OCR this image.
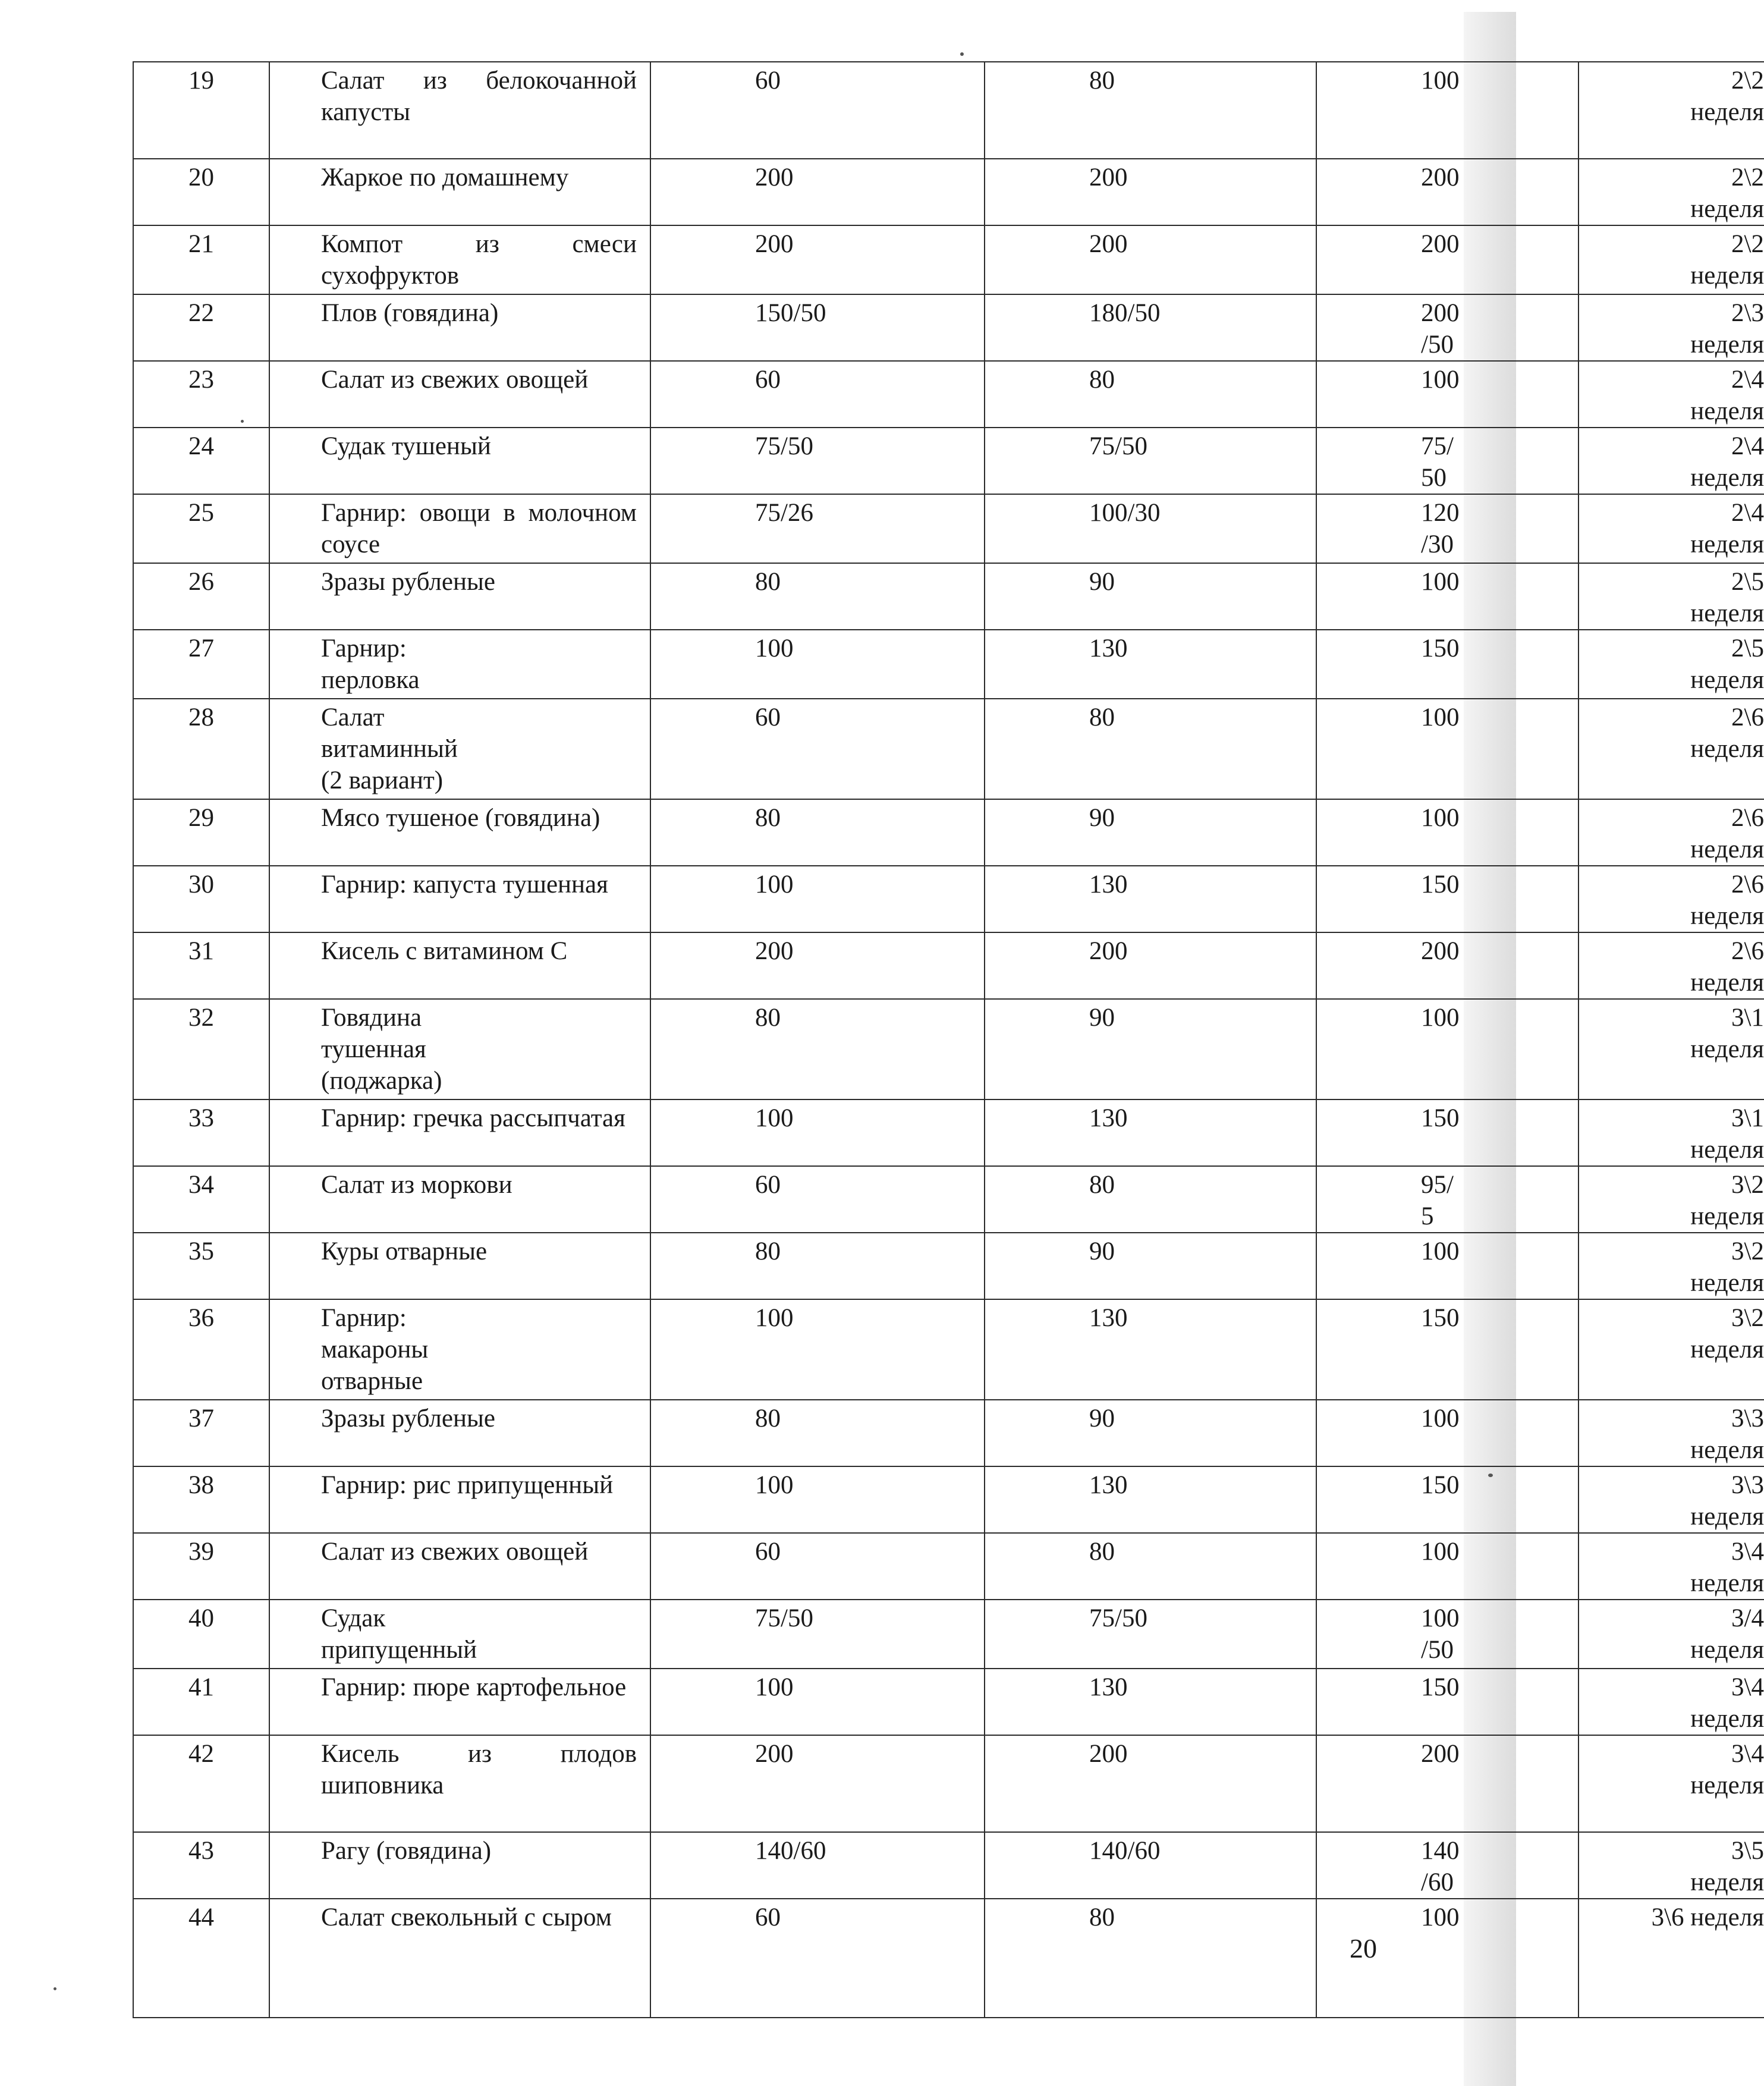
19	Салат из белокочанной капусты	60	80	100	2\2
неделя
20	Жаркое по домашнему	200	200	200	2\2
неделя
21	Компот из смеси сухофруктов	200	200	200	2\2
неделя
22	Плов (говядина)	150/50	180/50	200
/50	2\3
неделя
23	Салат из свежих овощей	60	80	100	2\4
неделя
24	Судак тушеный	75/50	75/50	75/
50	2\4
неделя
25	Гарнир: овощи в молочном соусе	75/26	100/30	120
/30	2\4
неделя
26	Зразы рубленые	80	90	100	2\5
неделя
27	Гарнир:
перловка	100	130	150	2\5
неделя
28	Салат
витаминный
(2 вариант)	60	80	100	2\6
неделя
29	Мясо тушеное (говядина)	80	90	100	2\6
неделя
30	Гарнир: капуста тушенная	100	130	150	2\6
неделя
31	Кисель с витамином С	200	200	200	2\6
неделя
32	Говядина
тушенная
(поджарка)	80	90	100	3\1
неделя
33	Гарнир: гречка рассыпчатая	100	130	150	3\1
неделя
34	Салат из моркови	60	80	95/
5	3\2
неделя
35	Куры отварные	80	90	100	3\2
неделя
36	Гарнир:
макароны
отварные	100	130	150	3\2
неделя
37	Зразы рубленые	80	90	100	3\3
неделя
38	Гарнир: рис припущенный	100	130	150	3\3
неделя
39	Салат из свежих овощей	60	80	100	3\4
неделя
40	Судак
припущенный	75/50	75/50	100
/50	3/4
неделя
41	Гарнир: пюре картофельное	100	130	150	3\4
неделя
42	Кисель из плодов шиповника	200	200	200	3\4
неделя
43	Рагу (говядина)	140/60	140/60	140
/60	3\5
неделя
44	Салат свекольный с сыром	60	80	100	3\6 неделя
20
